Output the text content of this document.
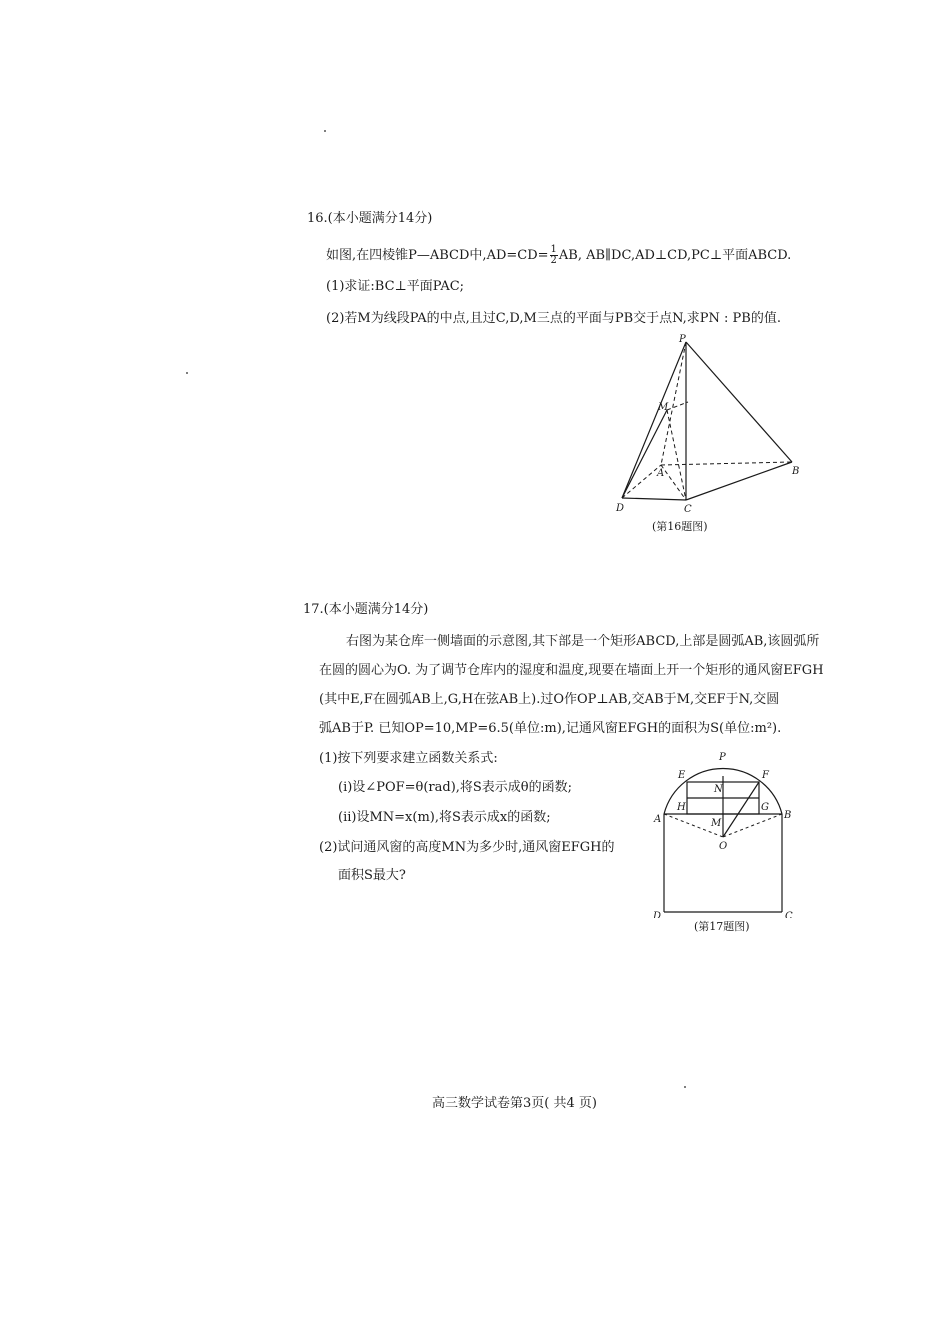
16.(本小题满分14分)
如图,在四棱锥P—ABCD中$,AD=CD= \frac{1}{2}$ AB, AB∥DC,AD⊥CD,PC⊥平面ABCD.
(1)求证:BC⊥平面PAC;
(2)若M为线段PA的中点,且过C,D,M三点的平面与PB交于点N,求PN : PB的值.
P
M
A	B
C
D
(第16题图)
17.(本小题满分14分)
右图为某仓库一侧墙面的示意图,其下部是一个矩形ABCD,上部是圆弧AB,该圆弧所
在圆的圆心为O. 为了调节仓库内的湿度和温度,现要在墙面上开一个矩形的通风窗EFGH
(其中E,F在圆弧AB上,G,H在弦AB上).过O作OP⊥AB,交AB于M,交EF于N,交圆
弧AB于P. 已知OP=10,MP=6.5(单位:m),记通风窗EFGH的面积为S(单位:m²).
(1)按下列要求建立函数关系式:
(i)设∠POF=θ(rad),将S表示成θ的函数;
(ii)设MN=x(m),将S表示成x的函数;
(2)试问通风窗的高度MN为多少时,通风窗EFGH的
面积S最大?
P
E	F
N
H	G
A	B
M
O
D	C
(第17题图)
高三数学试卷第3页( 共4 页)
